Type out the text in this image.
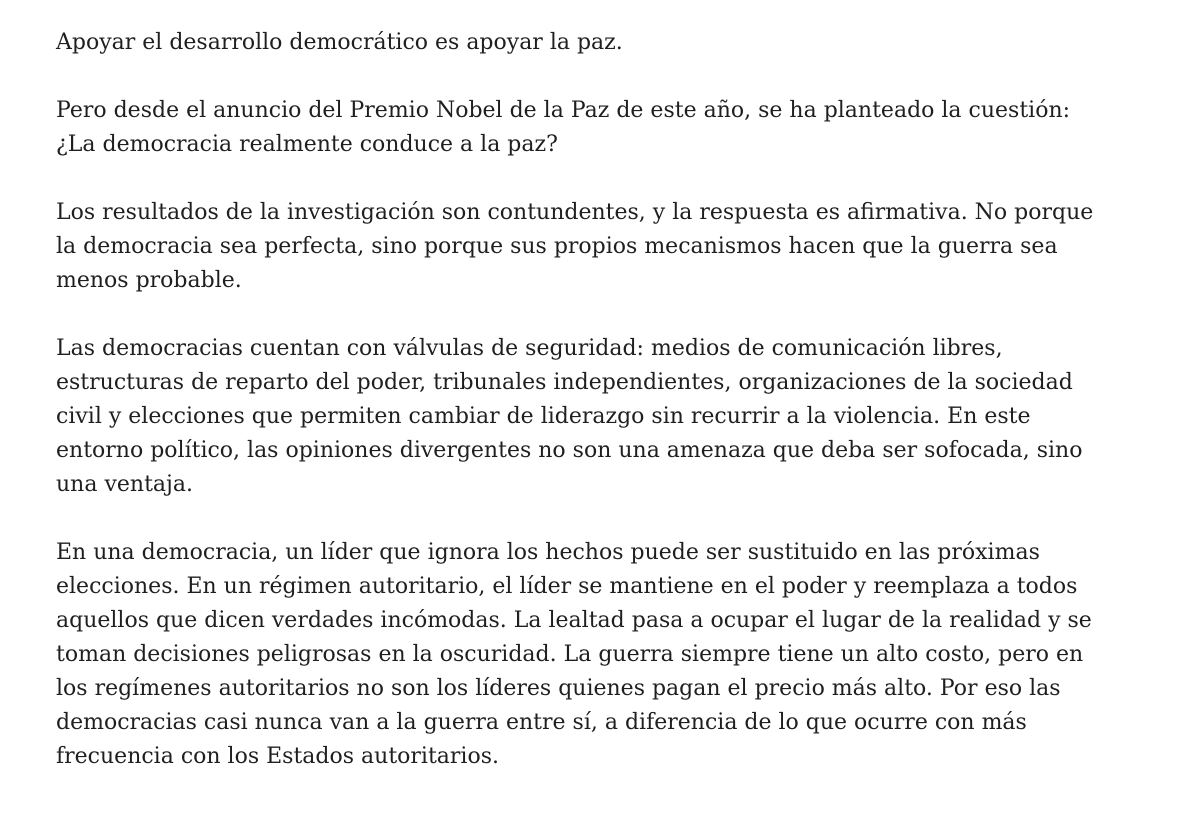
Apoyar el desarrollo democrático es apoyar la paz.

Pero desde el anuncio del Premio Nobel de la Paz de este año, se ha planteado la cuestión:
¿La democracia realmente conduce a la paz?

Los resultados de la investigación son contundentes, y la respuesta es afirmativa. No porque
la democracia sea perfecta, sino porque sus propios mecanismos hacen que la guerra sea
menos probable.

Las democracias cuentan con válvulas de seguridad: medios de comunicación libres,
estructuras de reparto del poder, tribunales independientes, organizaciones de la sociedad
civil y elecciones que permiten cambiar de liderazgo sin recurrir a la violencia. En este
entorno político, las opiniones divergentes no son una amenaza que deba ser sofocada, sino
una ventaja.

En una democracia, un líder que ignora los hechos puede ser sustituido en las próximas
elecciones. En un régimen autoritario, el líder se mantiene en el poder y reemplaza a todos
aquellos que dicen verdades incómodas. La lealtad pasa a ocupar el lugar de la realidad y se
toman decisiones peligrosas en la oscuridad. La guerra siempre tiene un alto costo, pero en
los regímenes autoritarios no son los líderes quienes pagan el precio más alto. Por eso las
democracias casi nunca van a la guerra entre sí, a diferencia de lo que ocurre con más
frecuencia con los Estados autoritarios.
